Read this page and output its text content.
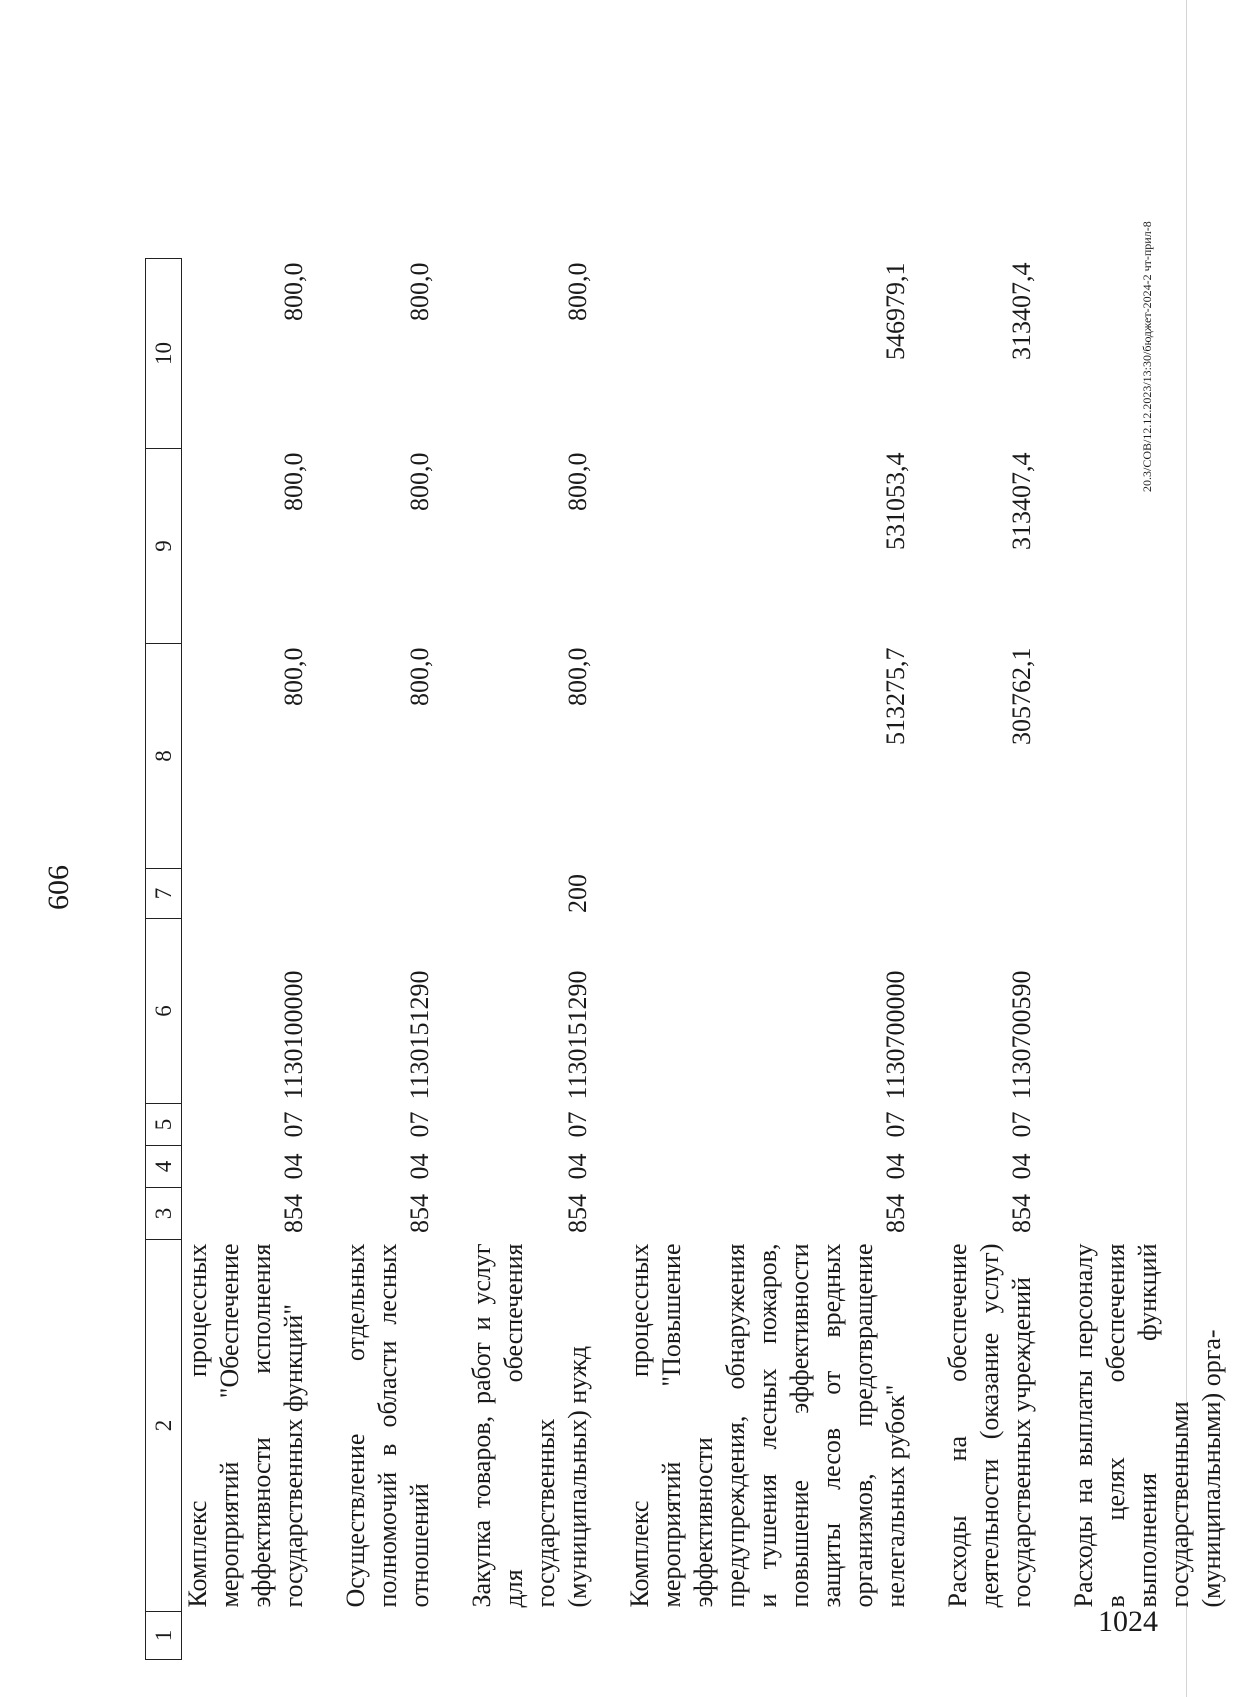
606
20.3/СОВ/12.12.2023/13:30/бюджет-2024-2 чт-прил-8
1	2	3	4	5	6	7	8	9	10
	Комплекс процессных мероприятий "Обеспечение эффективности исполнения государственных функций"	854	04	07	1130100000		800,0	800,0	800,0
	Осуществление отдельных полномочий в области лесных отношений	854	04	07	1130151290		800,0	800,0	800,0
	Закупка товаров, работ и услуг для обеспечения государственных (муниципальных) нужд	854	04	07	1130151290	200	800,0	800,0	800,0
	Комплекс процессных мероприятий "Повышение эффективности предупреждения, обнаружения и тушения лесных пожаров, повышение эффективности защиты лесов от вредных организмов, предотвращение нелегальных рубок"	854	04	07	1130700000		513275,7	531053,4	546979,1
	Расходы на обеспечение деятельности (оказание услуг) государственных учреждений	854	04	07	1130700590		305762,1	313407,4	313407,4
	Расходы на выплаты персоналу в целях обеспечения выполнения функций государственными (муниципальными) орга-								
1024
